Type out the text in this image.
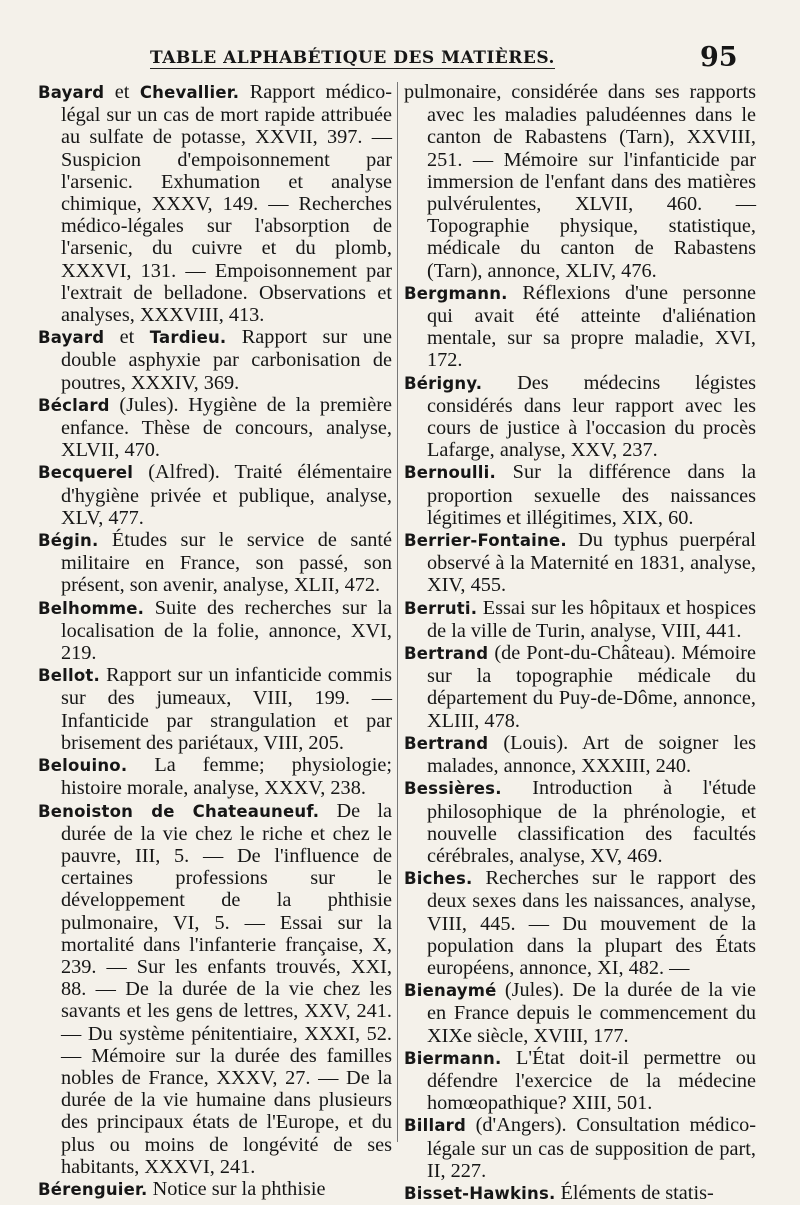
TABLE ALPHABÉTIQUE DES MATIÈRES.	95

Bayard et Chevallier. Rapport médico-légal sur un cas de mort rapide attribuée au sulfate de potasse, XXVII, 397. — Suspicion d'empoisonnement par l'arsenic. Exhumation et analyse chimique, XXXV, 149. — Recherches médico-légales sur l'absorption de l'arsenic, du cuivre et du plomb, XXXVI, 131. — Empoisonnement par l'extrait de belladone. Observations et analyses, XXXVIII, 413.

Bayard et Tardieu. Rapport sur une double asphyxie par carbonisation de poutres, XXXIV, 369.

Béclard (Jules). Hygiène de la première enfance. Thèse de concours, analyse, XLVII, 470.

Becquerel (Alfred). Traité élémentaire d'hygiène privée et publique, analyse, XLV, 477.

Bégin. Études sur le service de santé militaire en France, son passé, son présent, son avenir, analyse, XLII, 472.

Belhomme. Suite des recherches sur la localisation de la folie, annonce, XVI, 219.

Bellot. Rapport sur un infanticide commis sur des jumeaux, VIII, 199. — Infanticide par strangulation et par brisement des pariétaux, VIII, 205.

Belouino. La femme; physiologie; histoire morale, analyse, XXXV, 238.

Benoiston de Chateauneuf. De la durée de la vie chez le riche et chez le pauvre, III, 5. — De l'influence de certaines professions sur le développement de la phthisie pulmonaire, VI, 5. — Essai sur la mortalité dans l'infanterie française, X, 239. — Sur les enfants trouvés, XXI, 88. — De la durée de la vie chez les savants et les gens de lettres, XXV, 241. — Du système pénitentiaire, XXXI, 52. — Mémoire sur la durée des familles nobles de France, XXXV, 27. — De la durée de la vie humaine dans plusieurs des principaux états de l'Europe, et du plus ou moins de longévité de ses habitants, XXXVI, 241.

Bérenguier. Notice sur la phthisie

pulmonaire, considérée dans ses rapports avec les maladies paludéennes dans le canton de Rabastens (Tarn), XXVIII, 251. — Mémoire sur l'infanticide par immersion de l'enfant dans des matières pulvérulentes, XLVII, 460. — Topographie physique, statistique, médicale du canton de Rabastens (Tarn), annonce, XLIV, 476.

Bergmann. Réflexions d'une personne qui avait été atteinte d'aliénation mentale, sur sa propre maladie, XVI, 172.

Bérigny. Des médecins légistes considérés dans leur rapport avec les cours de justice à l'occasion du procès Lafarge, analyse, XXV, 237.

Bernoulli. Sur la différence dans la proportion sexuelle des naissances légitimes et illégitimes, XIX, 60.

Berrier-Fontaine. Du typhus puerpéral observé à la Maternité en 1831, analyse, XIV, 455.

Berruti. Essai sur les hôpitaux et hospices de la ville de Turin, analyse, VIII, 441.

Bertrand (de Pont-du-Château). Mémoire sur la topographie médicale du département du Puy-de-Dôme, annonce, XLIII, 478.

Bertrand (Louis). Art de soigner les malades, annonce, XXXIII, 240.

Bessières. Introduction à l'étude philosophique de la phrénologie, et nouvelle classification des facultés cérébrales, analyse, XV, 469.

Biches. Recherches sur le rapport des deux sexes dans les naissances, analyse, VIII, 445. — Du mouvement de la population dans la plupart des États européens, annonce, XI, 482. —

Bienaymé (Jules). De la durée de la vie en France depuis le commencement du XIXe siècle, XVIII, 177.

Biermann. L'État doit-il permettre ou défendre l'exercice de la médecine homœopathique? XIII, 501.

Billard (d'Angers). Consultation médico-légale sur un cas de supposition de part, II, 227.

Bisset-Hawkins. Éléments de statis-
